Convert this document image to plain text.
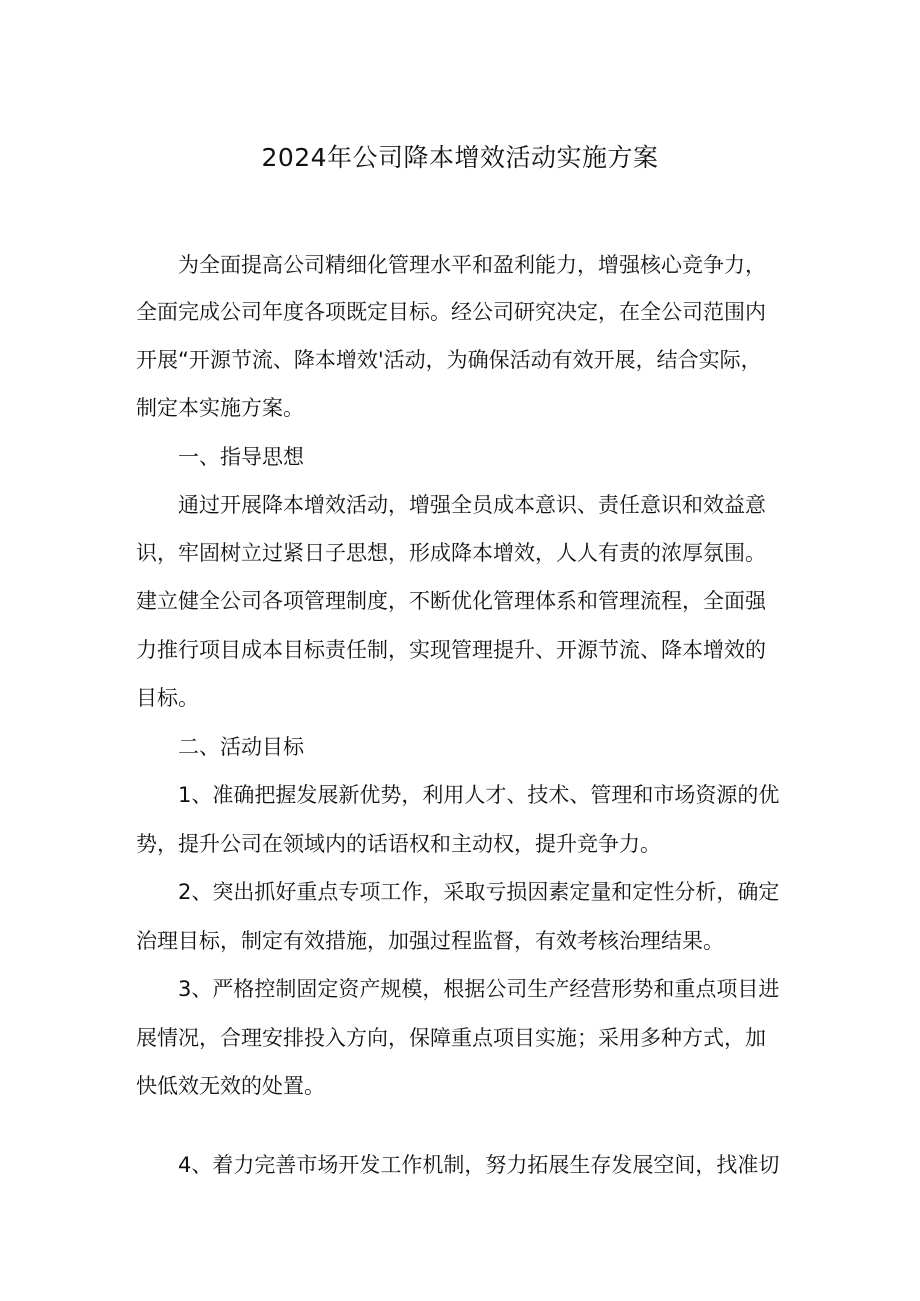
2024年公司降本增效活动实施方案
为全面提高公司精细化管理水平和盈利能力，增强核心竞争力，
全面完成公司年度各项既定目标。经公司研究决定，在全公司范围内
开展“开源节流、降本增效'活动，为确保活动有效开展，结合实际，
制定本实施方案。
一、指导思想
通过开展降本增效活动，增强全员成本意识、责任意识和效益意
识，牢固树立过紧日子思想，形成降本增效，人人有责的浓厚氛围。
建立健全公司各项管理制度，不断优化管理体系和管理流程，全面强
力推行项目成本目标责任制，实现管理提升、开源节流、降本增效的
目标。
二、活动目标
1、准确把握发展新优势，利用人才、技术、管理和市场资源的优
势，提升公司在领域内的话语权和主动权，提升竞争力。
2、突出抓好重点专项工作，采取亏损因素定量和定性分析，确定
治理目标，制定有效措施，加强过程监督，有效考核治理结果。
3、严格控制固定资产规模，根据公司生产经营形势和重点项目进
展情况，合理安排投入方向，保障重点项目实施；采用多种方式，加
快低效无效的处置。
4、着力完善市场开发工作机制，努力拓展生存发展空间，找准切
